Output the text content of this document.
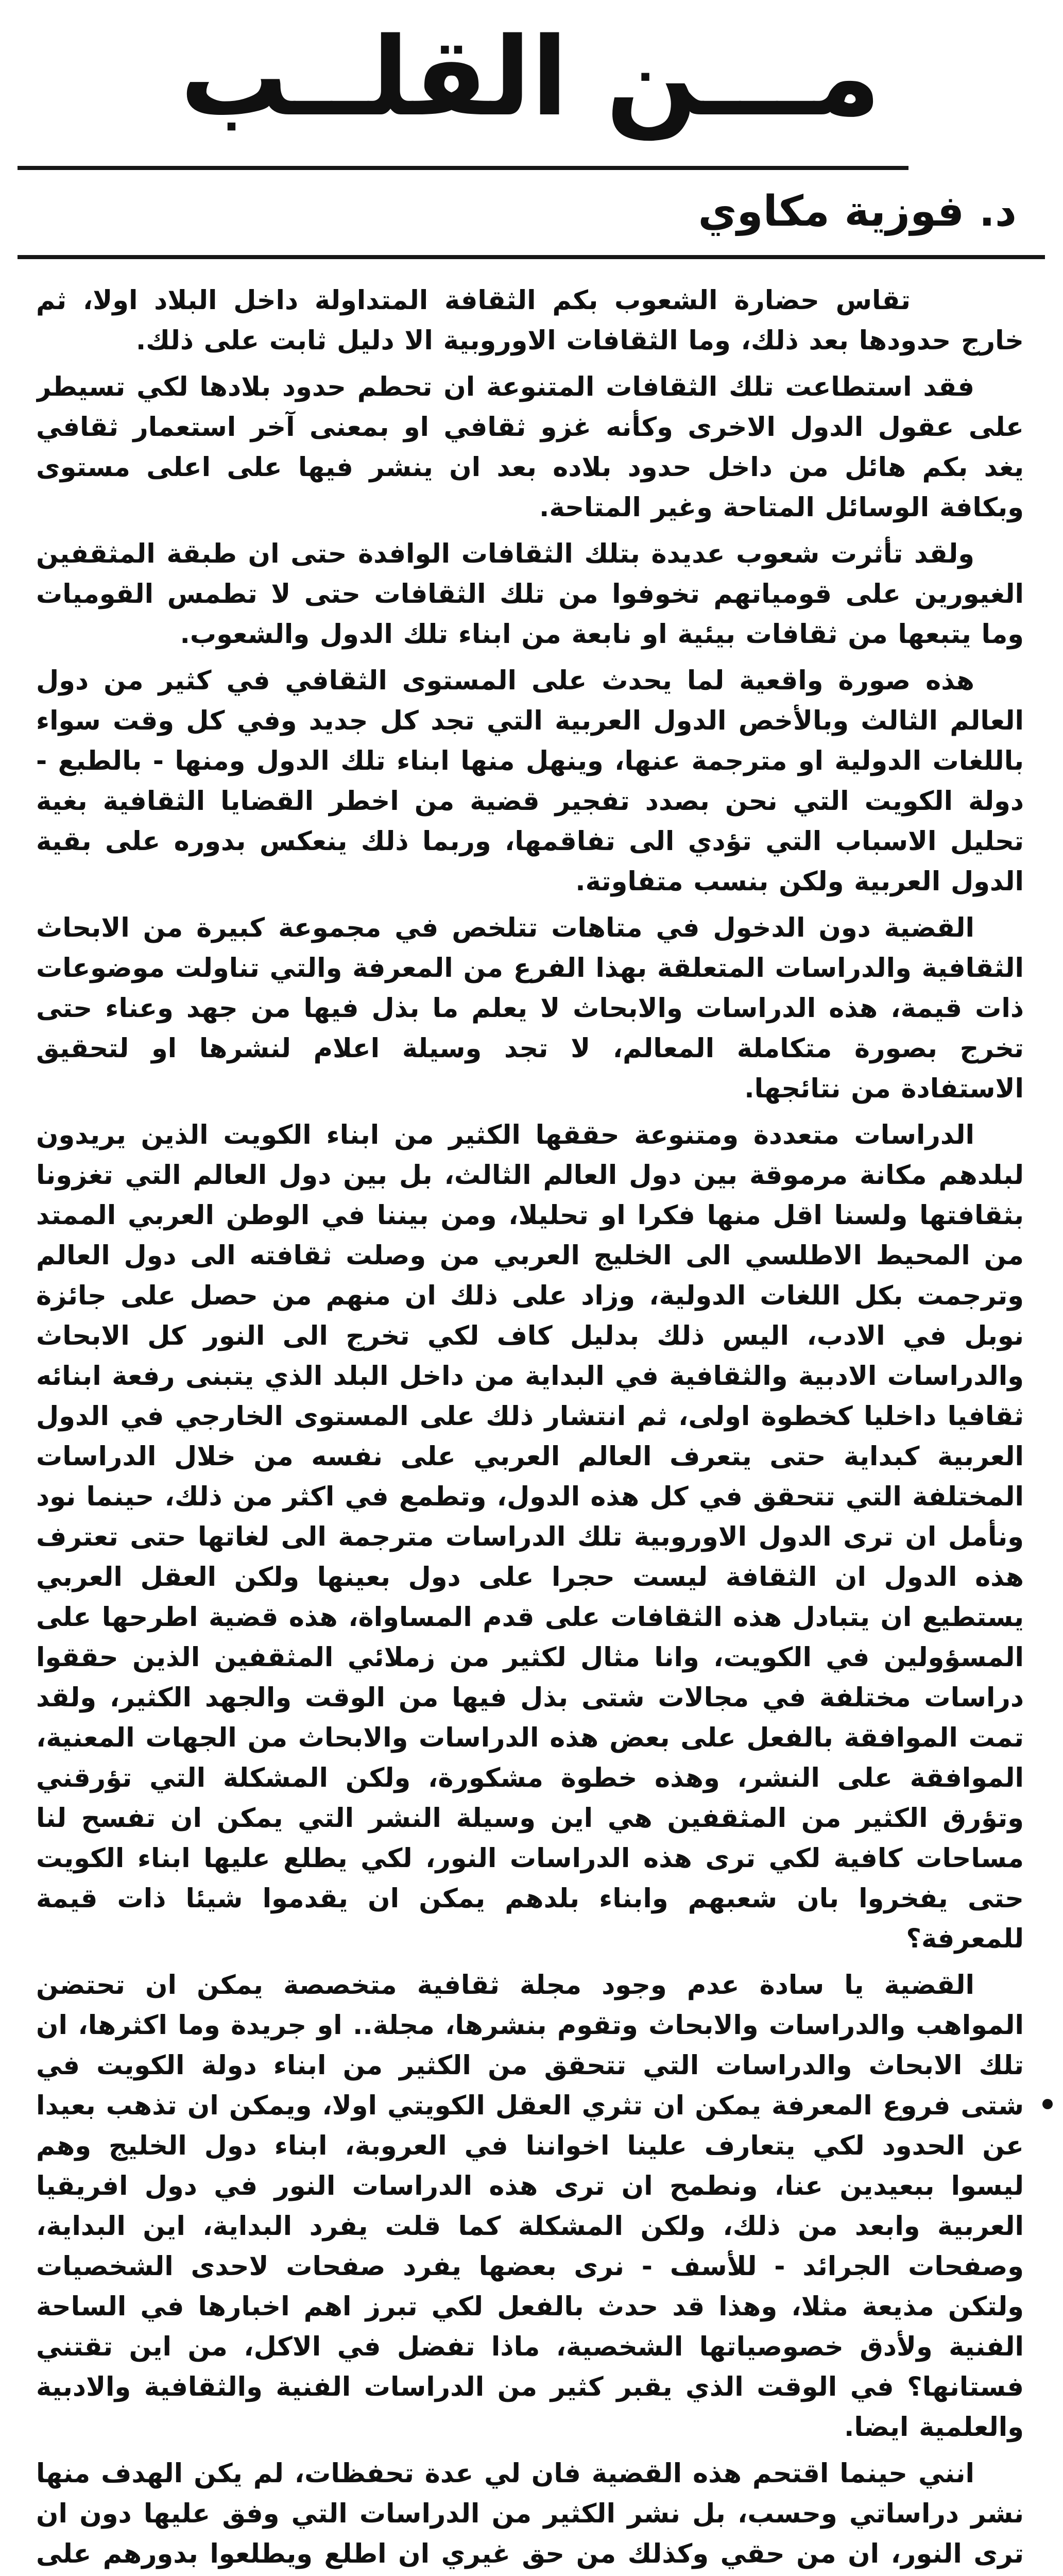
مـــن القلــب
د. فوزية مكاوي

تقاس حضارة الشعوب بكم الثقافة المتداولة داخل البلاد اولا، ثم خارج حدودها بعد ذلك، وما الثقافات الاوروبية الا دليل ثابت على ذلك.

فقد استطاعت تلك الثقافات المتنوعة ان تحطم حدود بلادها لكي تسيطر على عقول الدول الاخرى وكأنه غزو ثقافي او بمعنى آخر استعمار ثقافي يغد بكم هائل من داخل حدود بلاده بعد ان ينشر فيها على اعلى مستوى وبكافة الوسائل المتاحة وغير المتاحة.

ولقد تأثرت شعوب عديدة بتلك الثقافات الوافدة حتى ان طبقة المثقفين الغيورين على قومياتهم تخوفوا من تلك الثقافات حتى لا تطمس القوميات وما يتبعها من ثقافات بيئية او نابعة من ابناء تلك الدول والشعوب.

هذه صورة واقعية لما يحدث على المستوى الثقافي في كثير من دول العالم الثالث وبالأخص الدول العربية التي تجد كل جديد وفي كل وقت سواء باللغات الدولية او مترجمة عنها، وينهل منها ابناء تلك الدول ومنها - بالطبع - دولة الكويت التي نحن بصدد تفجير قضية من اخطر القضايا الثقافية بغية تحليل الاسباب التي تؤدي الى تفاقمها، وربما ذلك ينعكس بدوره على بقية الدول العربية ولكن بنسب متفاوتة.

القضية دون الدخول في متاهات تتلخص في مجموعة كبيرة من الابحاث الثقافية والدراسات المتعلقة بهذا الفرع من المعرفة والتي تناولت موضوعات ذات قيمة، هذه الدراسات والابحاث لا يعلم ما بذل فيها من جهد وعناء حتى تخرج بصورة متكاملة المعالم، لا تجد وسيلة اعلام لنشرها او لتحقيق الاستفادة من نتائجها.

الدراسات متعددة ومتنوعة حققها الكثير من ابناء الكويت الذين يريدون لبلدهم مكانة مرموقة بين دول العالم الثالث، بل بين دول العالم التي تغزونا بثقافتها ولسنا اقل منها فكرا او تحليلا، ومن بيننا في الوطن العربي الممتد من المحيط الاطلسي الى الخليج العربي من وصلت ثقافته الى دول العالم وترجمت بكل اللغات الدولية، وزاد على ذلك ان منهم من حصل على جائزة نوبل في الادب، اليس ذلك بدليل كاف لكي تخرج الى النور كل الابحاث والدراسات الادبية والثقافية في البداية من داخل البلد الذي يتبنى رفعة ابنائه ثقافيا داخليا كخطوة اولى، ثم انتشار ذلك على المستوى الخارجي في الدول العربية كبداية حتى يتعرف العالم العربي على نفسه من خلال الدراسات المختلفة التي تتحقق في كل هذه الدول، وتطمع في اكثر من ذلك، حينما نود ونأمل ان ترى الدول الاوروبية تلك الدراسات مترجمة الى لغاتها حتى تعترف هذه الدول ان الثقافة ليست حجرا على دول بعينها ولكن العقل العربي يستطيع ان يتبادل هذه الثقافات على قدم المساواة، هذه قضية اطرحها على المسؤولين في الكويت، وانا مثال لكثير من زملائي المثقفين الذين حققوا دراسات مختلفة في مجالات شتى بذل فيها من الوقت والجهد الكثير، ولقد تمت الموافقة بالفعل على بعض هذه الدراسات والابحاث من الجهات المعنية، الموافقة على النشر، وهذه خطوة مشكورة، ولكن المشكلة التي تؤرقني وتؤرق الكثير من المثقفين هي اين وسيلة النشر التي يمكن ان تفسح لنا مساحات كافية لكي ترى هذه الدراسات النور، لكي يطلع عليها ابناء الكويت حتى يفخروا بان شعبهم وابناء بلدهم يمكن ان يقدموا شيئا ذات قيمة للمعرفة؟

القضية يا سادة عدم وجود مجلة ثقافية متخصصة يمكن ان تحتضن المواهب والدراسات والابحاث وتقوم بنشرها، مجلة.. او جريدة وما اكثرها، ان تلك الابحاث والدراسات التي تتحقق من الكثير من ابناء دولة الكويت في شتى فروع المعرفة يمكن ان تثري العقل الكويتي اولا، ويمكن ان تذهب بعيدا عن الحدود لكي يتعارف علينا اخواننا في العروبة، ابناء دول الخليج وهم ليسوا ببعيدين عنا، ونطمح ان ترى هذه الدراسات النور في دول افريقيا العربية وابعد من ذلك، ولكن المشكلة كما قلت يفرد البداية، اين البداية، وصفحات الجرائد - للأسف - نرى بعضها يفرد صفحات لاحدى الشخصيات ولتكن مذيعة مثلا، وهذا قد حدث بالفعل لكي تبرز اهم اخبارها في الساحة الفنية ولأدق خصوصياتها الشخصية، ماذا تفضل في الاكل، من اين تقتني فستانها؟ في الوقت الذي يقبر كثير من الدراسات الفنية والثقافية والادبية والعلمية ايضا.

انني حينما اقتحم هذه القضية فان لي عدة تحفظات، لم يكن الهدف منها نشر دراساتي وحسب، بل نشر الكثير من الدراسات التي وفق عليها دون ان ترى النور، ان من حقي وكذلك من حق غيري ان اطلع ويطلعوا بدورهم على
